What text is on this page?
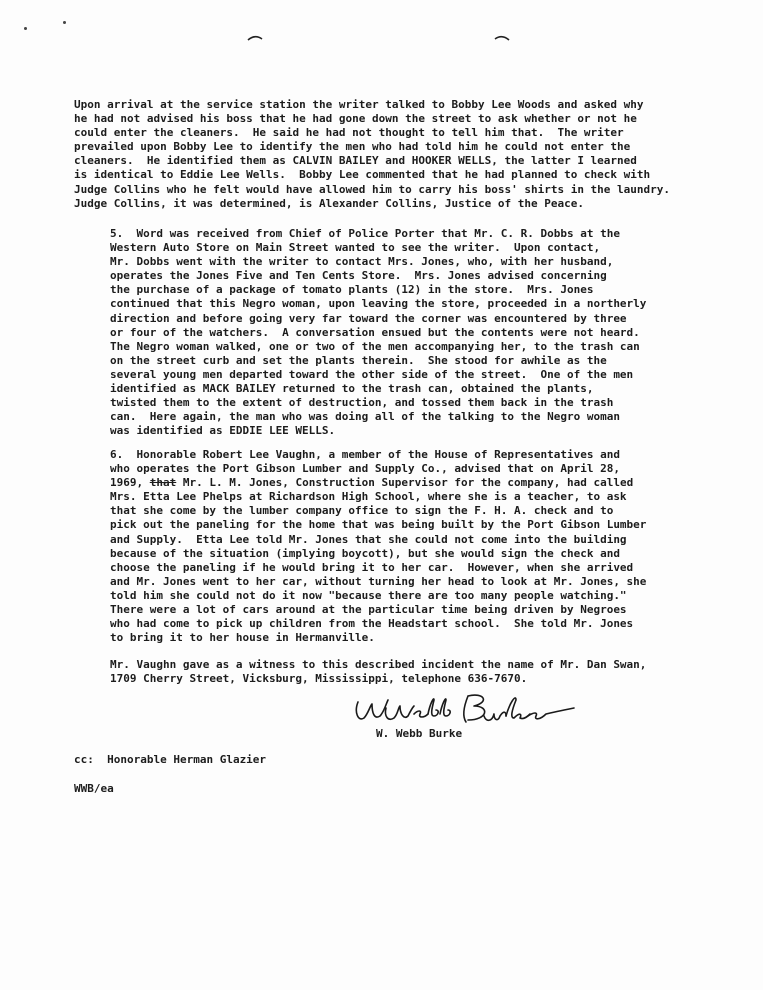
Upon arrival at the service station the writer talked to Bobby Lee Woods and asked why
he had not advised his boss that he had gone down the street to ask whether or not he
could enter the cleaners.  He said he had not thought to tell him that.  The writer
prevailed upon Bobby Lee to identify the men who had told him he could not enter the
cleaners.  He identified them as CALVIN BAILEY and HOOKER WELLS, the latter I learned
is identical to Eddie Lee Wells.  Bobby Lee commented that he had planned to check with
Judge Collins who he felt would have allowed him to carry his boss' shirts in the laundry.
Judge Collins, it was determined, is Alexander Collins, Justice of the Peace.
5.  Word was received from Chief of Police Porter that Mr. C. R. Dobbs at the
Western Auto Store on Main Street wanted to see the writer.  Upon contact,
Mr. Dobbs went with the writer to contact Mrs. Jones, who, with her husband,
operates the Jones Five and Ten Cents Store.  Mrs. Jones advised concerning
the purchase of a package of tomato plants (12) in the store.  Mrs. Jones
continued that this Negro woman, upon leaving the store, proceeded in a northerly
direction and before going very far toward the corner was encountered by three
or four of the watchers.  A conversation ensued but the contents were not heard.
The Negro woman walked, one or two of the men accompanying her, to the trash can
on the street curb and set the plants therein.  She stood for awhile as the
several young men departed toward the other side of the street.  One of the men
identified as MACK BAILEY returned to the trash can, obtained the plants,
twisted them to the extent of destruction, and tossed them back in the trash
can.  Here again, the man who was doing all of the talking to the Negro woman
was identified as EDDIE LEE WELLS.
6.  Honorable Robert Lee Vaughn, a member of the House of Representatives and
who operates the Port Gibson Lumber and Supply Co., advised that on April 28,
1969, that Mr. L. M. Jones, Construction Supervisor for the company, had called
Mrs. Etta Lee Phelps at Richardson High School, where she is a teacher, to ask
that she come by the lumber company office to sign the F. H. A. check and to
pick out the paneling for the home that was being built by the Port Gibson Lumber
and Supply.  Etta Lee told Mr. Jones that she could not come into the building
because of the situation (implying boycott), but she would sign the check and
choose the paneling if he would bring it to her car.  However, when she arrived
and Mr. Jones went to her car, without turning her head to look at Mr. Jones, she
told him she could not do it now "because there are too many people watching."
There were a lot of cars around at the particular time being driven by Negroes
who had come to pick up children from the Headstart school.  She told Mr. Jones
to bring it to her house in Hermanville.
Mr. Vaughn gave as a witness to this described incident the name of Mr. Dan Swan,
1709 Cherry Street, Vicksburg, Mississippi, telephone 636-7670.
W. Webb Burke
cc:  Honorable Herman Glazier
WWB/ea
